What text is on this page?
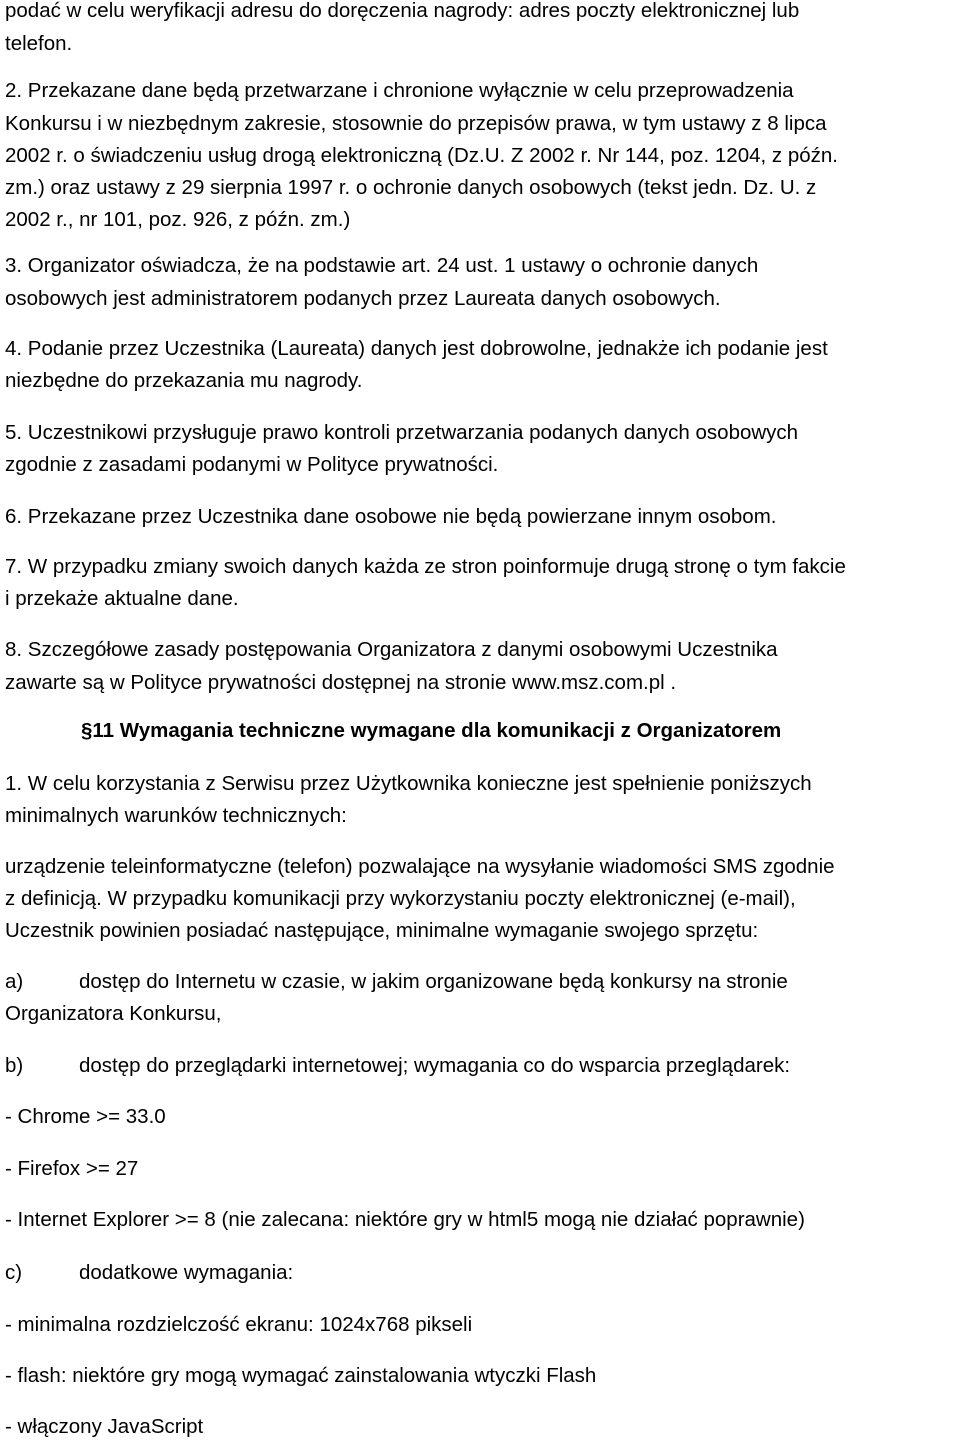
podać w celu weryfikacji adresu do doręczenia nagrody: adres poczty elektronicznej lub
telefon.
2. Przekazane dane będą przetwarzane i chronione wyłącznie w celu przeprowadzenia
Konkursu i w niezbędnym zakresie, stosownie do przepisów prawa, w tym ustawy z 8 lipca
2002 r. o świadczeniu usług drogą elektroniczną (Dz.U. Z 2002 r. Nr 144, poz. 1204, z późn.
zm.) oraz ustawy z 29 sierpnia 1997 r. o ochronie danych osobowych (tekst jedn. Dz. U. z
2002 r., nr 101, poz. 926, z późn. zm.)
3. Organizator oświadcza, że na podstawie art. 24 ust. 1 ustawy o ochronie danych
osobowych jest administratorem podanych przez Laureata danych osobowych.
4. Podanie przez Uczestnika (Laureata) danych jest dobrowolne, jednakże ich podanie jest
niezbędne do przekazania mu nagrody.
5. Uczestnikowi przysługuje prawo kontroli przetwarzania podanych danych osobowych
zgodnie z zasadami podanymi w Polityce prywatności.
6. Przekazane przez Uczestnika dane osobowe nie będą powierzane innym osobom.
7. W przypadku zmiany swoich danych każda ze stron poinformuje drugą stronę o tym fakcie
i przekaże aktualne dane.
8. Szczegółowe zasady postępowania Organizatora z danymi osobowymi Uczestnika
zawarte są w Polityce prywatności dostępnej na stronie www.msz.com.pl .
§11 Wymagania techniczne wymagane dla komunikacji z Organizatorem
1. W celu korzystania z Serwisu przez Użytkownika konieczne jest spełnienie poniższych
minimalnych warunków technicznych:
urządzenie teleinformatyczne (telefon) pozwalające na wysyłanie wiadomości SMS zgodnie
z definicją. W przypadku komunikacji przy wykorzystaniu poczty elektronicznej (e-mail),
Uczestnik powinien posiadać następujące, minimalne wymaganie swojego sprzętu:
a)	dostęp do Internetu w czasie, w jakim organizowane będą konkursy na stronie
Organizatora Konkursu,
b)	dostęp do przeglądarki internetowej; wymagania co do wsparcia przeglądarek:
- Chrome >= 33.0
- Firefox >= 27
- Internet Explorer >= 8 (nie zalecana: niektóre gry w html5 mogą nie działać poprawnie)
c)	dodatkowe wymagania:
- minimalna rozdzielczość ekranu: 1024x768 pikseli
- flash: niektóre gry mogą wymagać zainstalowania wtyczki Flash
- włączony JavaScript
